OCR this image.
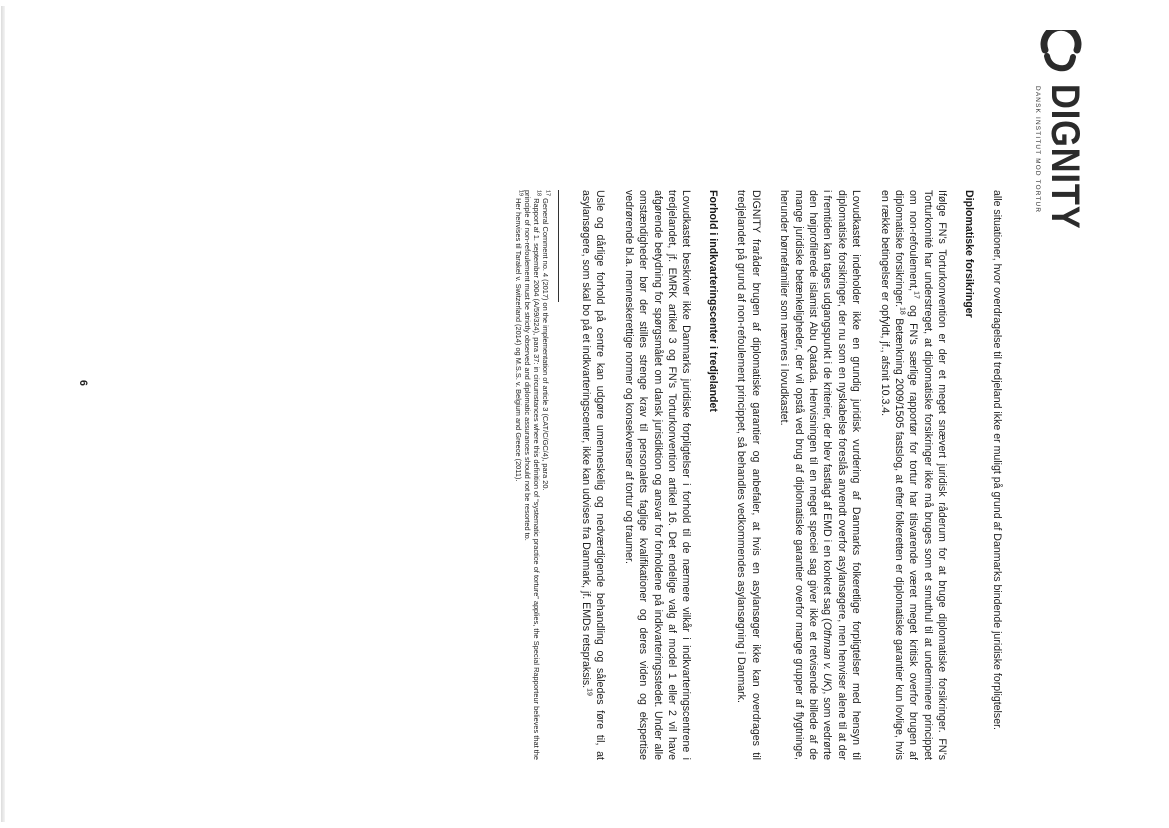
DIGNITY
DANSK INSTITUT MOD TORTUR

alle situationer, hvor overdragelse til tredjeland ikke er muligt på grund af Danmarks bindende juridiske forpligtelser.

Diplomatiske forsikringer

Ifølge FN’s Torturkonvention er der et meget snævert juridisk råderum for at bruge diplomatiske forsikringer. FN’s Torturkomité har understreget, at diplomatiske forsikringer ikke må bruges som et smuthul til at underminere princippet om non-refoulement,$^{17}$ og FN’s særlige rapportør for tortur har tilsvarende været meget kritisk overfor brugen af diplomatiske forsikringer.$^{18}$ Betænkning 2009/1505 fastslog, at efter folkeretten er diplomatiske garantier kun lovlige, hvis en række betingelser er opfyldt, jf., afsnit 10.3.4.

Lovudkastet indeholder ikke en grundig juridisk vurdering af Danmarks folkeretlige forpligtelser med hensyn til diplomatiske forsikringer, der nu som en nyskabelse foreslås anvendt overfor asylansøgere, men henviser alene til at der i fremtiden kan tages udgangspunkt i de kriterier, der blev fastlagt af EMD i en konkret sag (Othman v. UK), som vedrørte den højprofilerede islamist Abu Qatada. Henvisningen til en meget speciel sag giver ikke et retvisende billede af de mange juridiske betænkeligheder, der vil opstå ved brug af diplomatiske garantier overfor mange grupper af flygtninge, herunder børnefamilier som nævnes i lovudkastet.

DIGNITY fraråder brugen af diplomatiske garantier og anbefaler, at hvis en asylansøger ikke kan overdrages til tredjelandet på grund af non-refoulement princippet, så behandles vedkommendes asylansøgning i Danmark.

Forhold i indkvarteringscenter i tredjelandet

Lovudkastet beskriver ikke Danmarks juridiske forpligtelser i forhold til de nærmere vilkår i indkvarteringscentrene i tredjelandet, jf. EMRK artikel 3 og FN’s Torturkonvention artikel 16. Det endelige valg af model 1 eller 2 vil have afgørende betydning for spørgsmålet om dansk jurisdiktion og ansvar for forholdene på indkvarteringsstedet. Under alle omstændigheder bør der stilles strenge krav til personalets faglige kvalifikationer og deres viden og ekspertise vedrørende bl.a. menneskerettige normer og konsekvenser af tortur og traumer.

Usle og dårlige forhold på centre kan udgøre umenneskelig og nedværdigende behandling og således føre til, at asylansøgere, som skal bo på et indkvarteringscenter, ikke kan udvises fra Danmark, jf. EMDs retspraksis.$^{19}$

$^{17}$ General Comment no. 4 (2017) on the implementation of article 3 (CAT/C/GC/4), para 20.
$^{18}$ Rapport af 1. september 2004 (A/59/324), para 37: in circumstances where this definition of “systematic practice of torture” applies, the Special Rapporteur believes that the principle of non-refoulement must be strictly observed and diplomatic assurances should not be resorted to.
$^{19}$ Her henvises til Tarakel v. Switzerland (2014) og M.S.S. v. Belgium and Greece (2011).
6
